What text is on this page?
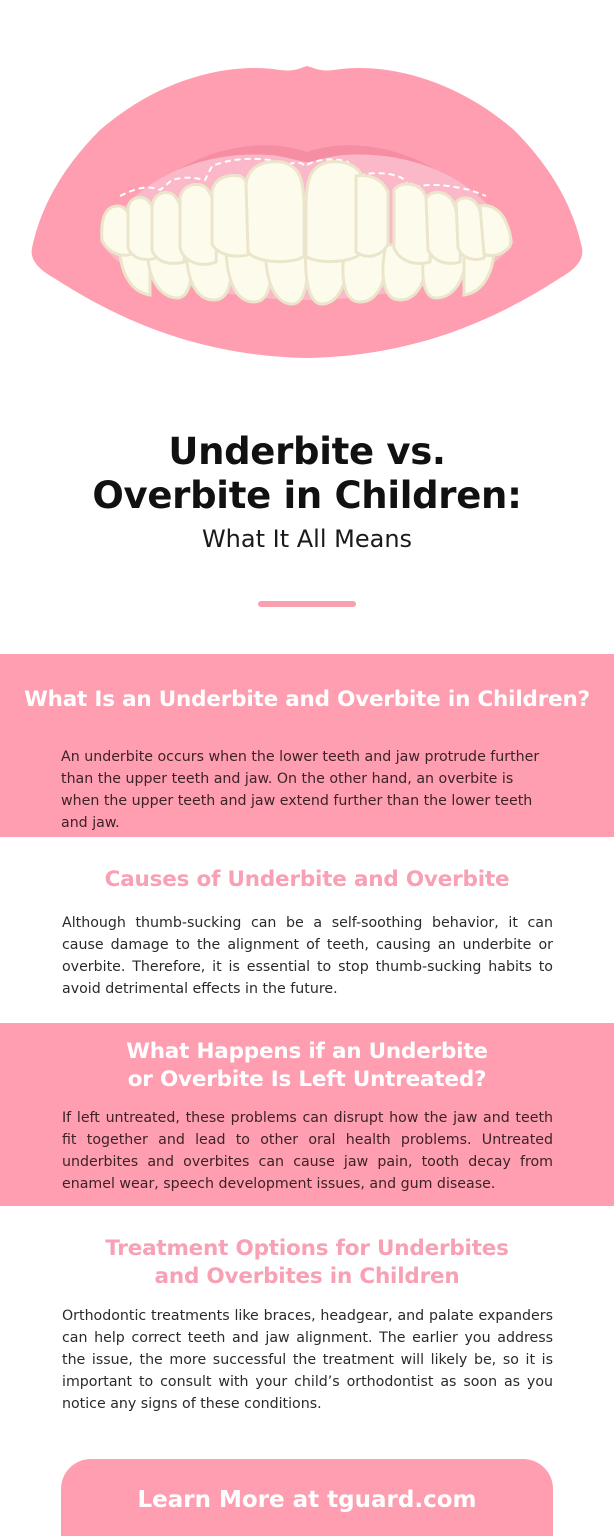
Underbite vs.
Overbite in Children:
What It All Means
What Is an Underbite and Overbite in Children?
An underbite occurs when the lower teeth and jaw protrude further than the upper teeth and jaw. On the other hand, an overbite is when the upper teeth and jaw extend further than the lower teeth and jaw.
Causes of Underbite and Overbite
Although thumb-sucking can be a self-soothing behavior, it can cause damage to the alignment of teeth, causing an underbite or overbite. Therefore, it is essential to stop thumb-sucking habits to avoid detrimental effects in the future.
What Happens if an Underbite
or Overbite Is Left Untreated?
If left untreated, these problems can disrupt how the jaw and teeth fit together and lead to other oral health problems. Untreated underbites and overbites can cause jaw pain, tooth decay from enamel wear, speech development issues, and gum disease.
Treatment Options for Underbites
and Overbites in Children
Orthodontic treatments like braces, headgear, and palate expanders can help correct teeth and jaw alignment. The earlier you address the issue, the more successful the treatment will likely be, so it is important to consult with your child’s orthodontist as soon as you notice any signs of these conditions.
Learn More at tguard.com
